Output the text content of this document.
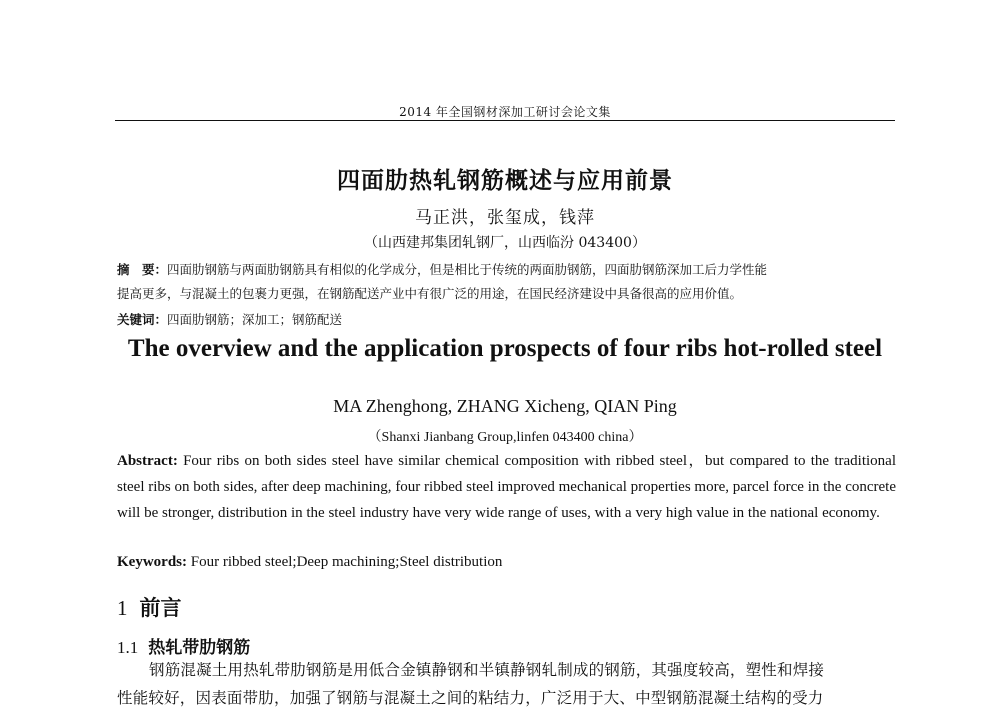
2014 年全国钢材深加工研讨会论文集
四面肋热轧钢筋概述与应用前景
马正洪，张玺成，钱萍
（山西建邦集团轧钢厂，山西临汾 043400）
摘　要：四面肋钢筋与两面肋钢筋具有相似的化学成分，但是相比于传统的两面肋钢筋，四面肋钢筋深加工后力学性能
提高更多，与混凝土的包裹力更强，在钢筋配送产业中有很广泛的用途，在国民经济建设中具备很高的应用价值。
关键词：四面肋钢筋；深加工；钢筋配送
The overview and the application prospects of four ribs hot-rolled steel
MA Zhenghong, ZHANG Xicheng, QIAN Ping
（Shanxi Jianbang Group,linfen 043400 china）
Abstract: Four ribs on both sides steel have similar chemical composition with ribbed steel，but compared to the traditional steel ribs on both sides, after deep machining, four ribbed steel improved mechanical properties more, parcel force in the concrete will be stronger, distribution in the steel industry have very wide range of uses, with a very high value in the national economy.
Keywords: Four ribbed steel;Deep machining;Steel distribution
1 前言
1.1 热轧带肋钢筋
钢筋混凝土用热轧带肋钢筋是用低合金镇静钢和半镇静钢轧制成的钢筋，其强度较高，塑性和焊接
性能较好，因表面带肋，加强了钢筋与混凝土之间的粘结力，广泛用于大、中型钢筋混凝土结构的受力
